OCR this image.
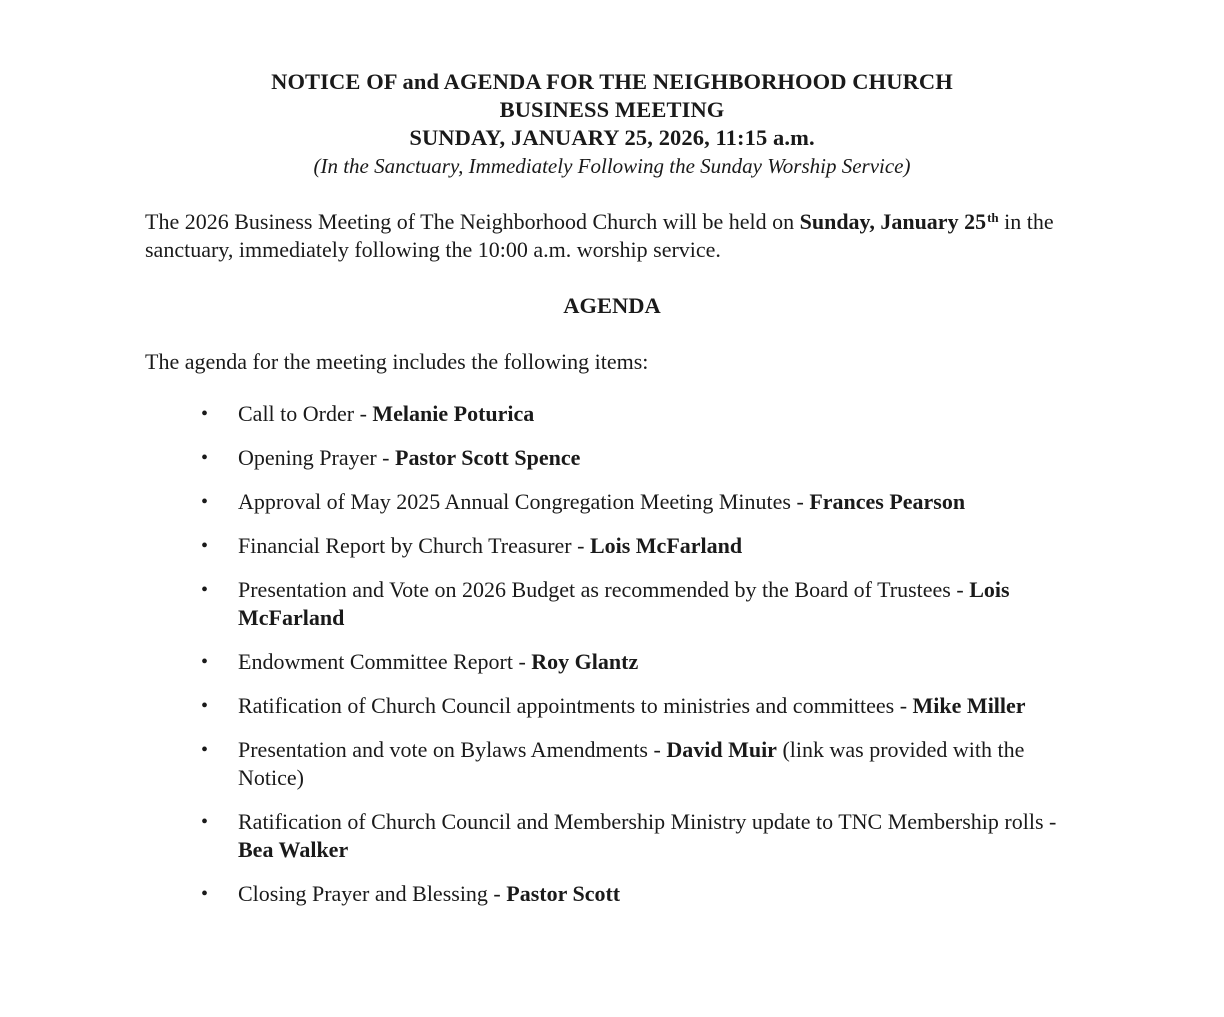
NOTICE OF and AGENDA FOR THE NEIGHBORHOOD CHURCH
BUSINESS MEETING
SUNDAY, JANUARY 25, 2026, 11:15 a.m.
(In the Sanctuary, Immediately Following the Sunday Worship Service)

The 2026 Business Meeting of The Neighborhood Church will be held on Sunday, January 25th in the sanctuary, immediately following the 10:00 a.m. worship service.

AGENDA
The agenda for the meeting includes the following items:
• Call to Order - Melanie Poturica
• Opening Prayer - Pastor Scott Spence
• Approval of May 2025 Annual Congregation Meeting Minutes - Frances Pearson
• Financial Report by Church Treasurer - Lois McFarland
• Presentation and Vote on 2026 Budget as recommended by the Board of Trustees - Lois McFarland
• Endowment Committee Report - Roy Glantz
• Ratification of Church Council appointments to ministries and committees - Mike Miller
• Presentation and vote on Bylaws Amendments - David Muir (link was provided with the Notice)
• Ratification of Church Council and Membership Ministry update to TNC Membership rolls - Bea Walker
• Closing Prayer and Blessing - Pastor Scott
